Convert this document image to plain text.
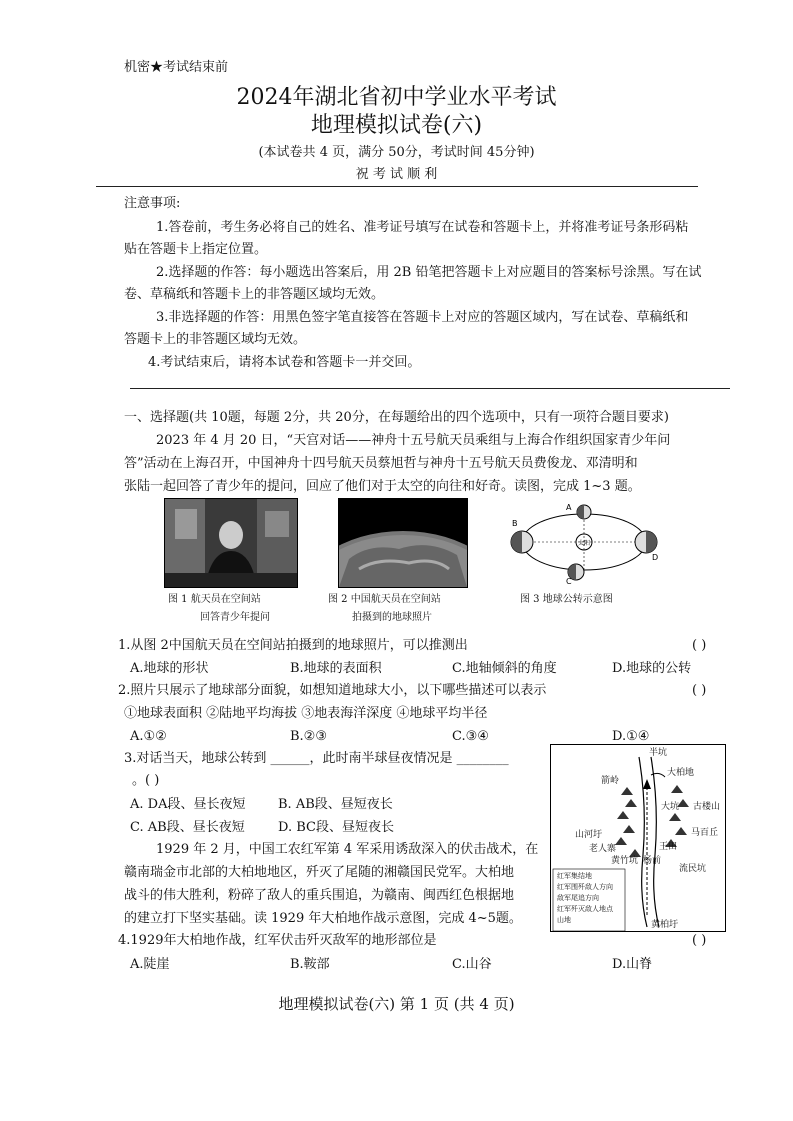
机密★考试结束前
2024年湖北省初中学业水平考试
地理模拟试卷(六)
(本试卷共 4 页，满分 50分，考试时间 45分钟)
祝 考 试 顺 利
注意事项:
1.答卷前，考生务必将自己的姓名、准考证号填写在试卷和答题卡上，并将准考证号条形码粘
贴在答题卡上指定位置。
2.选择题的作答：每小题选出答案后，用 2B 铅笔把答题卡上对应题目的答案标号涂黑。写在试
卷、草稿纸和答题卡上的非答题区域均无效。
3.非选择题的作答：用黑色签字笔直接答在答题卡上对应的答题区域内，写在试卷、草稿纸和
答题卡上的非答题区域均无效。
4.考试结束后，请将本试卷和答题卡一并交回。
一、选择题(共 10题，每题 2分，共 20分，在每题给出的四个选项中，只有一项符合题目要求)
2023 年 4 月 20 日，“天宫对话——神舟十五号航天员乘组与上海合作组织国家青少年问
答”活动在上海召开，中国神舟十四号航天员蔡旭哲与神舟十五号航天员费俊龙、邓清明和
张陆一起回答了青少年的提问，回应了他们对于太空的向往和好奇。读图，完成 1~3 题。
图 1 航天员在空间站
回答青少年提问
图 2 中国航天员在空间站
拍摄到的地球照片
太阳
B
A
D
C
图 3 地球公转示意图
1.从图 2中国航天员在空间站拍摄到的地球照片，可以推测出	( )
A.地球的形状	B.地球的表面积	C.地轴倾斜的角度	D.地球的公转
2.照片只展示了地球部分面貌，如想知道地球大小，以下哪些描述可以表示	( )
①地球表面积 ②陆地平均海拔 ③地表海洋深度 ④地球平均半径
A.①②	B.②③	C.③④	D.①④
3.对话当天，地球公转到 ______，此时南半球昼夜情况是 ________
。( )
A. DA段、昼长夜短	B. AB段、昼短夜长
C. AB段、昼长夜短	D. BC段、昼短夜长
1929 年 2 月，中国工农红军第 4 军采用诱敌深入的伏击战术，在
赣南瑞金市北部的大柏地地区，歼灭了尾随的湘赣国民党军。大柏地
战斗的伟大胜利，粉碎了敌人的重兵围追，为赣南、闽西红色根据地
的建立打下坚实基础。读 1929 年大柏地作战示意图，完成 4~5题。
半坑
大柏地
箭岭
大坑 古楼山
山河圩	马百丘
老人寨
黄竹坑 杨前
王田
流民坑
黄柏圩
红军集结地
红军围歼敌人方向
敌军尾追方向
红军歼灭敌人地点
山地
4.1929年大柏地作战，红军伏击歼灭敌军的地形部位是	( )
A.陡崖	B.鞍部	C.山谷	D.山脊
地理模拟试卷(六) 第 1 页 (共 4 页)
